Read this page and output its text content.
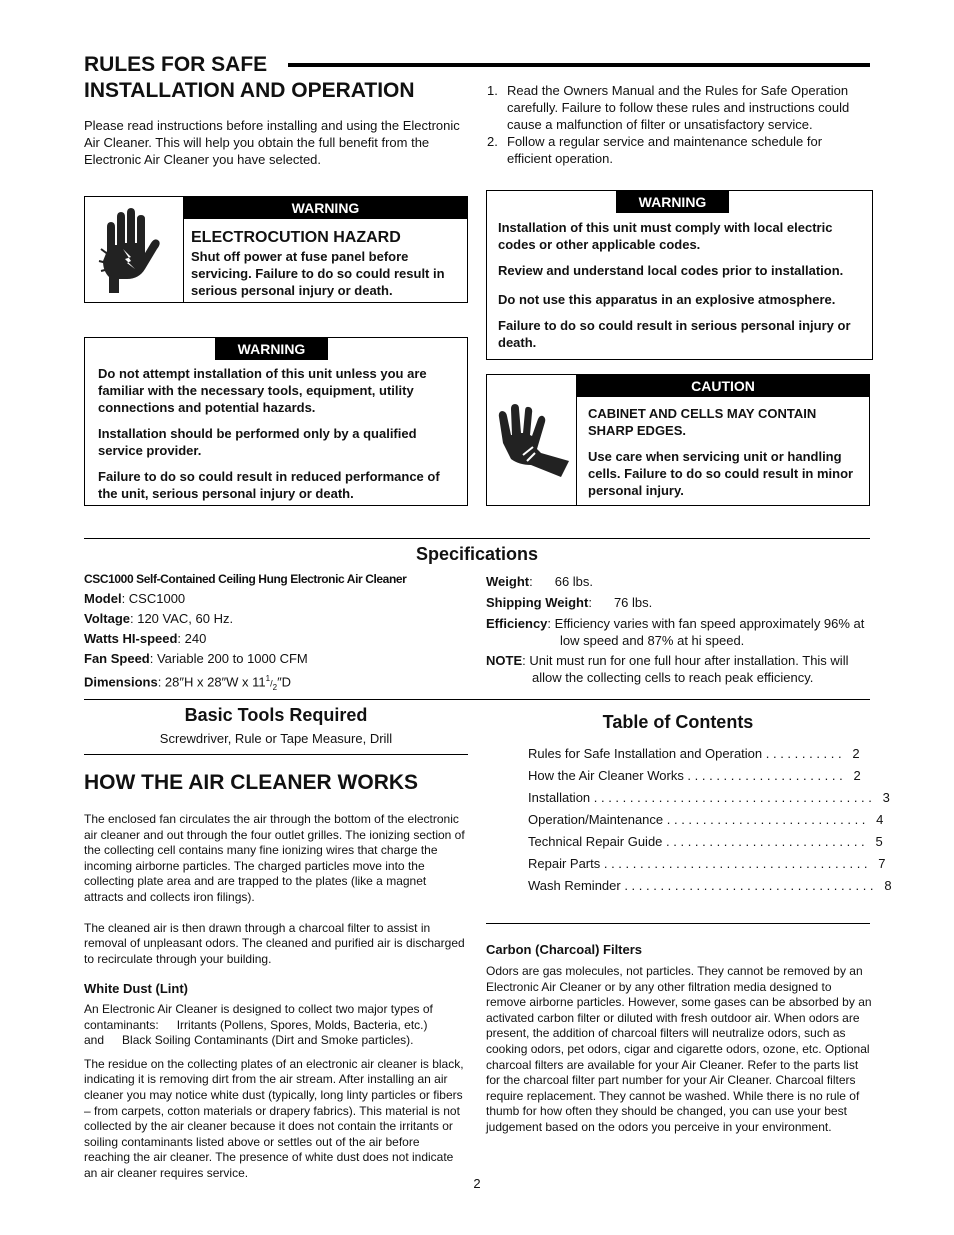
RULES FOR SAFE
INSTALLATION AND OPERATION
Please read instructions before installing and using the Electronic Air Cleaner. This will help you obtain the full benefit from the Electronic Air Cleaner you have selected.
1. Read the Owners Manual and the Rules for Safe Operation carefully. Failure to follow these rules and instructions could cause a malfunction of filter or unsatisfactory service.
2. Follow a regular service and maintenance schedule for efficient operation.
WARNING
ELECTROCUTION HAZARD
Shut off power at fuse panel before servicing. Failure to do so could result in serious personal injury or death.
WARNING

Do not attempt installation of this unit unless you are familiar with the necessary tools, equipment, utility connections and potential hazards.

Installation should be performed only by a qualified service provider.

Failure to do so could result in reduced performance of the unit, serious personal injury or death.

WARNING

Installation of this unit must comply with local electric codes or other applicable codes.

Review and understand local codes prior to installation.

Do not use this apparatus in an explosive atmosphere.

Failure to do so could result in serious personal injury or death.

CAUTION

CABINET AND CELLS MAY CONTAIN SHARP EDGES.

Use care when servicing unit or handling cells. Failure to do so could result in minor personal injury.

Specifications
CSC1000 Self-Contained Ceiling Hung Electronic Air Cleaner
Model: CSC1000
Voltage: 120 VAC, 60 Hz.
Watts HI-speed: 240
Fan Speed: Variable 200 to 1000 CFM
Dimensions: 28″H x 28″W x $11^1/_2''D$
Weight: 66 lbs.
Shipping Weight: 76 lbs.
Efficiency: Efficiency varies with fan speed approximately 96% at low speed and 87% at hi speed.
NOTE: Unit must run for one full hour after installation. This will allow the collecting cells to reach peak efficiency.
Basic Tools Required
Screwdriver, Rule or Tape Measure, Drill
Table of Contents
Rules for Safe Installation and Operation . . . . . . . . . . . 2
How the Air Cleaner Works . . . . . . . . . . . . . . . . . . . . . . 2
Installation . . . . . . . . . . . . . . . . . . . . . . . . . . . . . . . . . . . . . . . 3
Operation/Maintenance . . . . . . . . . . . . . . . . . . . . . . . . . . . . 4
Technical Repair Guide . . . . . . . . . . . . . . . . . . . . . . . . . . . . 5
Repair Parts . . . . . . . . . . . . . . . . . . . . . . . . . . . . . . . . . . . . . 7
Wash Reminder . . . . . . . . . . . . . . . . . . . . . . . . . . . . . . . . . . . 8
HOW THE AIR CLEANER WORKS

The enclosed fan circulates the air through the bottom of the electronic air cleaner and out through the four outlet grilles. The ionizing section of the collecting cell contains many fine ionizing wires that charge the incoming airborne particles. The charged particles move into the collecting plate area and are trapped to the plates (like a magnet attracts and collects iron filings).

The cleaned air is then drawn through a charcoal filter to assist in removal of unpleasant odors. The cleaned and purified air is discharged to recirculate through your building.

White Dust (Lint)
An Electronic Air Cleaner is designed to collect two major types of contaminants: Irritants (Pollens, Spores, Molds, Bacteria, etc.)
and Black Soiling Contaminants (Dirt and Smoke particles).

The residue on the collecting plates of an electronic air cleaner is black, indicating it is removing dirt from the air stream. After installing an air cleaner you may notice white dust (typically, long linty particles or fibers – from carpets, cotton materials or drapery fabrics). This material is not collected by the air cleaner because it does not contain the irritants or soiling contaminants listed above or settles out of the air before reaching the air cleaner. The presence of white dust does not indicate an air cleaner requires service.

Carbon (Charcoal) Filters
Odors are gas molecules, not particles. They cannot be removed by an Electronic Air Cleaner or by any other filtration media designed to remove airborne particles. However, some gases can be absorbed by an activated carbon filter or diluted with fresh outdoor air. When odors are present, the addition of charcoal filters will neutralize odors, such as cooking odors, pet odors, cigar and cigarette odors, ozone, etc. Optional charcoal filters are available for your Air Cleaner. Refer to the parts list for the charcoal filter part number for your Air Cleaner. Charcoal filters require replacement. They cannot be washed. While there is no rule of thumb for how often they should be changed, you can use your best judgement based on the odors you perceive in your environment.
2
